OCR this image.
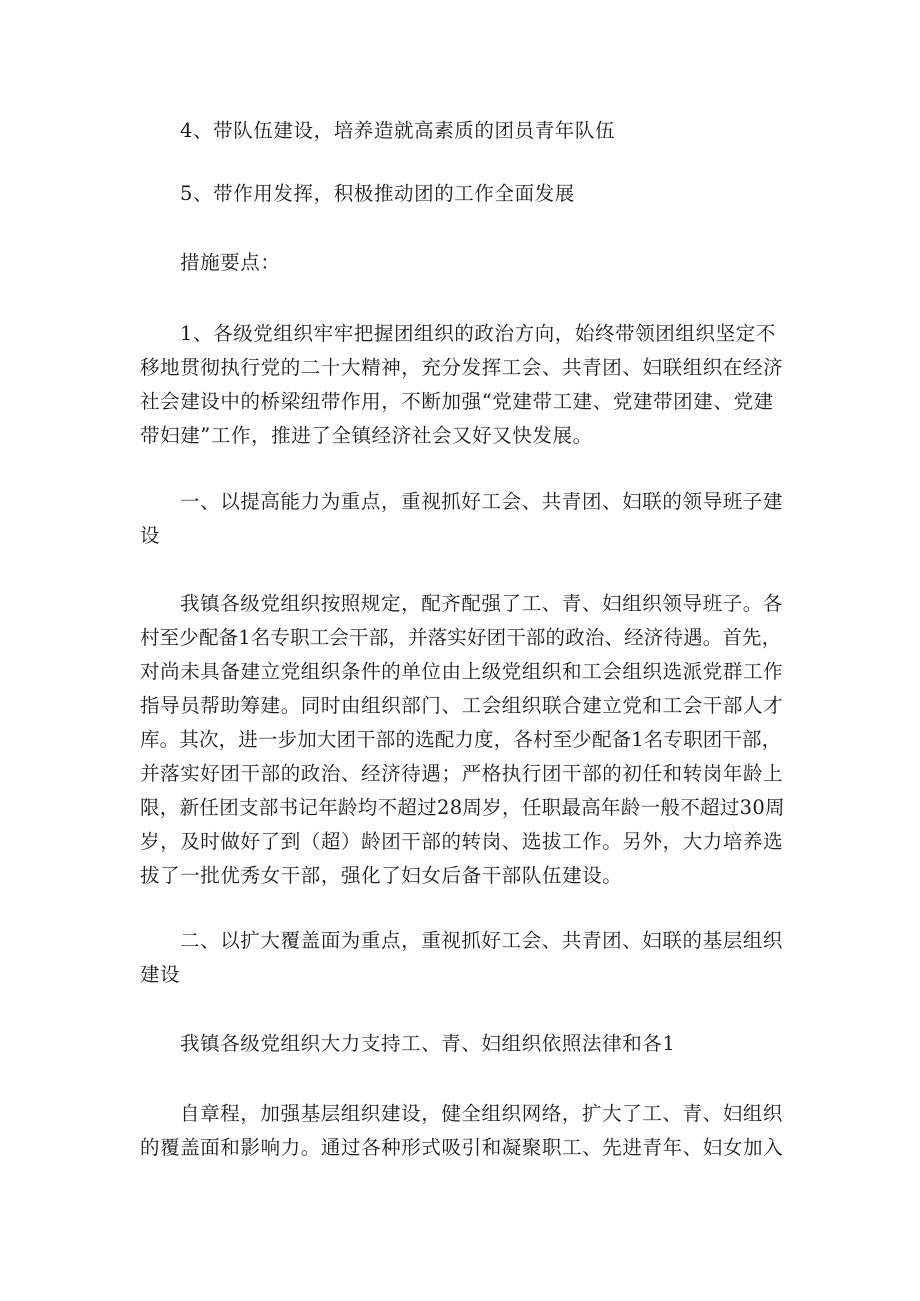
4、带队伍建设，培养造就高素质的团员青年队伍
5、带作用发挥，积极推动团的工作全面发展
措施要点：
1、各级党组织牢牢把握团组织的政治方向，始终带领团组织坚定不
移地贯彻执行党的二十大精神，充分发挥工会、共青团、妇联组织在经济
社会建设中的桥梁纽带作用，不断加强“党建带工建、党建带团建、党建
带妇建”工作，推进了全镇经济社会又好又快发展。
一、以提高能力为重点，重视抓好工会、共青团、妇联的领导班子建
设
我镇各级党组织按照规定，配齐配强了工、青、妇组织领导班子。各
村至少配备1名专职工会干部，并落实好团干部的政治、经济待遇。首先，
对尚未具备建立党组织条件的单位由上级党组织和工会组织选派党群工作
指导员帮助筹建。同时由组织部门、工会组织联合建立党和工会干部人才
库。其次，进一步加大团干部的选配力度，各村至少配备1名专职团干部，
并落实好团干部的政治、经济待遇；严格执行团干部的初任和转岗年龄上
限，新任团支部书记年龄均不超过28周岁，任职最高年龄一般不超过30周
岁，及时做好了到（超）龄团干部的转岗、选拔工作。另外，大力培养选
拔了一批优秀女干部，强化了妇女后备干部队伍建设。
二、以扩大覆盖面为重点，重视抓好工会、共青团、妇联的基层组织
建设
我镇各级党组织大力支持工、青、妇组织依照法律和各1
自章程，加强基层组织建设，健全组织网络，扩大了工、青、妇组织
的覆盖面和影响力。通过各种形式吸引和凝聚职工、先进青年、妇女加入
